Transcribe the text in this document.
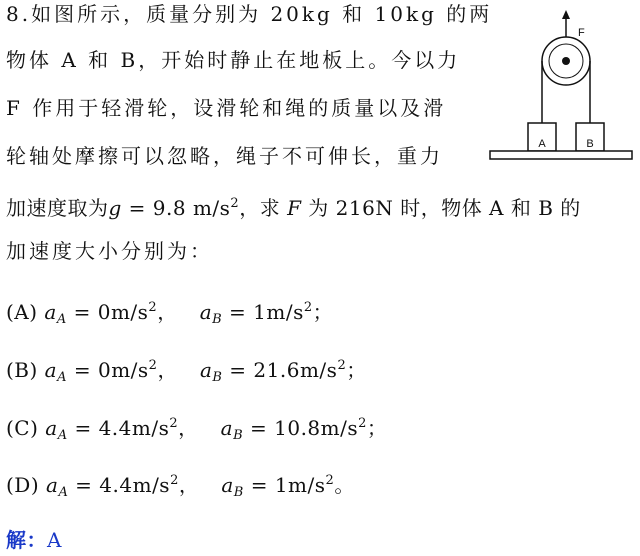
8.如图所示，质量分别为 20kg 和 10kg 的两
物体 A 和 B，开始时静止在地板上。今以力
F 作用于轻滑轮，设滑轮和绳的质量以及滑
轮轴处摩擦可以忽略，绳子不可伸长，重力
加速度取为g = 9.8 $m/s^2$，求 F 为 216N 时，物体 A 和 B 的
加速度大小分别为：
(A) $a_A = 0m/s^2$， $a_B = 1m/s^2$；
(B) $a_A = 0m/s^2$， $a_B = 21.6m/s^2$；
(C) $a_A = 4.4m/s^2$， $a_B = 10.8m/s^2$；
(D) $a_A = 4.4m/s^2$， $a_B = 1m/s^2$。
解：A
F
A	B
